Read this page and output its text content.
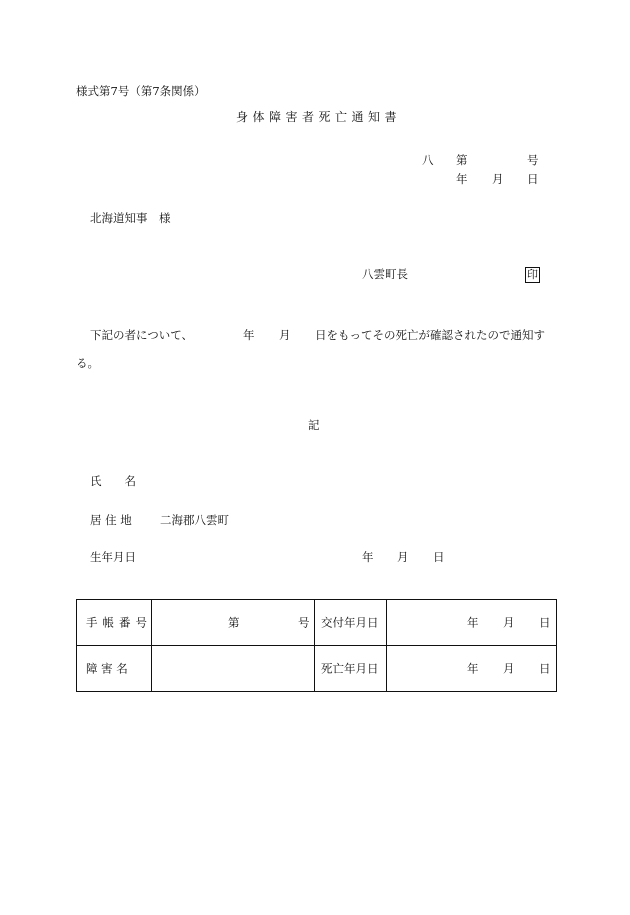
様式第7号（第7条関係）
身体障害者死亡通知書
八 第	号
年 月 日
北海道知事　様
八雲町長	印
下記の者について、	年 月 日をもってその死亡が確認されたので通知す
る。
記
氏　　名
居 住 地 二海郡八雲町
生年月日	年 月 日
手帳番号	第 号	交付年月日	年 月 日

障 害 名		死亡年月日	年 月 日
